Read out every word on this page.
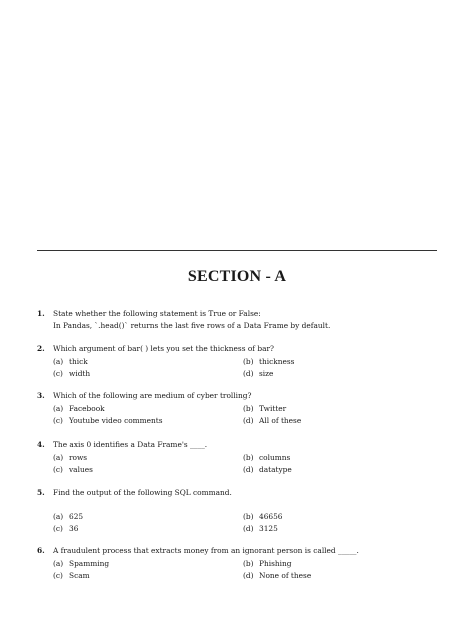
SECTION - A
1. State whether the following statement is True or False:
In Pandas, `.head()` returns the last five rows of a Data Frame by default.
2. Which argument of bar( ) lets you set the thickness of bar?
(a) thick	(b) thickness
(c) width	(d) size
3. Which of the following are medium of cyber trolling?
(a) Facebook	(b) Twitter
(c) Youtube video comments	(d) All of these
4. The axis 0 identifies a Data Frame's ____.
(a) rows	(b) columns
(c) values	(d) datatype
5. Find the output of the following SQL command.
(a) 625	(b) 46656
(c) 36	(d) 3125
6. A fraudulent process that extracts money from an ignorant person is called _____.
(a) Spamming	(b) Phishing
(c) Scam	(d) None of these
